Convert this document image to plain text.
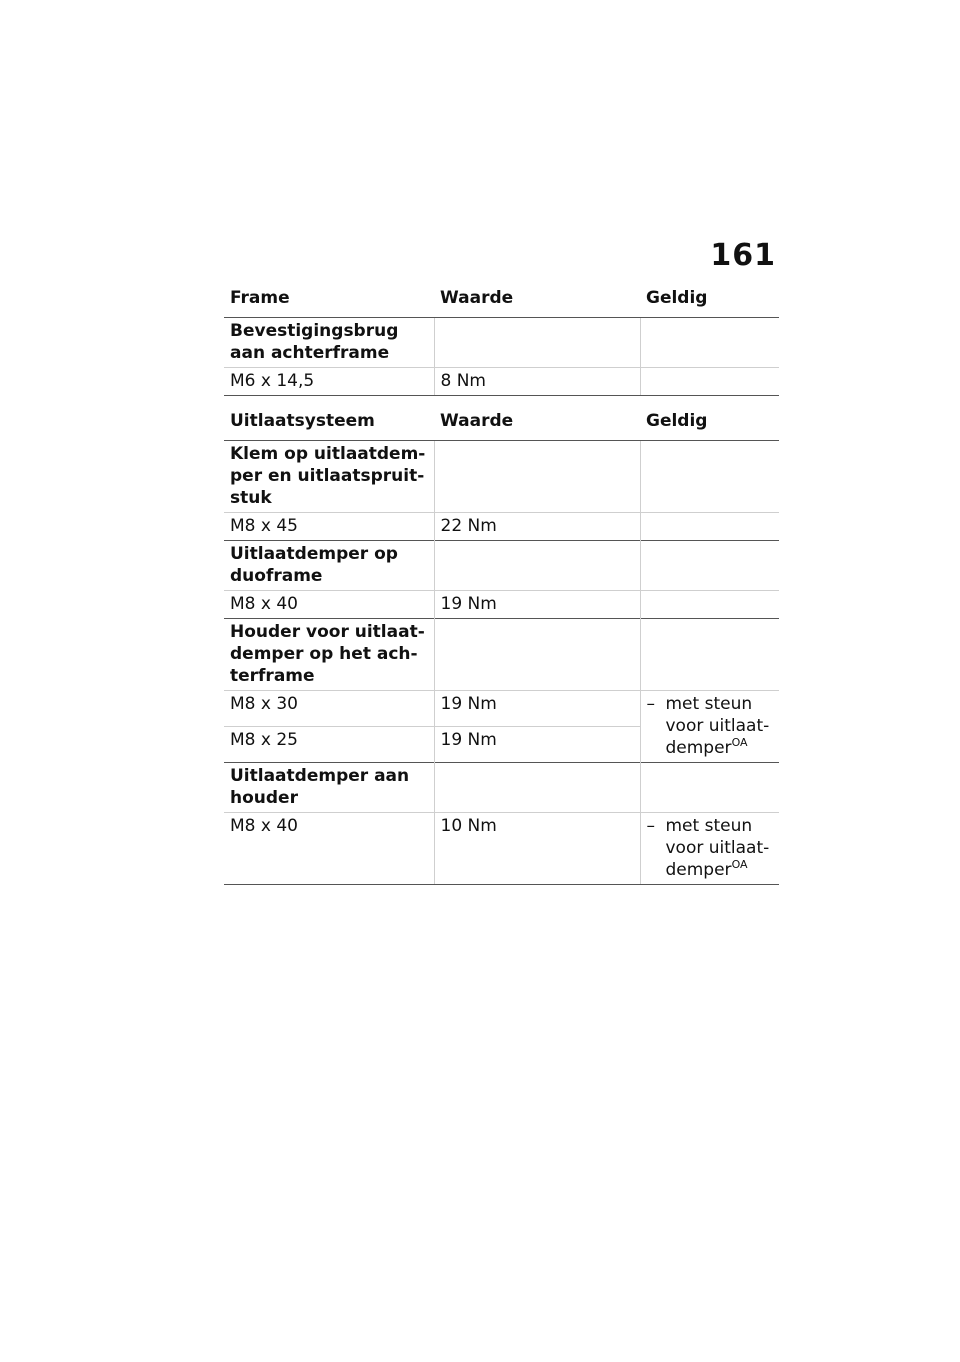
161
Frame	Waarde	Geldig
Bevestigingsbrug aan achterframe		
M6 x 14,5	8 Nm	
Uitlaatsysteem	Waarde	Geldig
Klem op uitlaatdem-
per en uitlaatspruit-
stuk		
M8 x 45	22 Nm	
Uitlaatdemper op duoframe		
M8 x 40	19 Nm	
Houder voor uitlaat-
demper op het ach-
terframe		
M8 x 30	19 Nm	– met steun voor uitlaat-demper$^{OA}$

M8 x 25	19 Nm	
Uitlaatdemper aan houder		
M8 x 40	10 Nm	– met steun voor uitlaat-demper$^{OA}$
